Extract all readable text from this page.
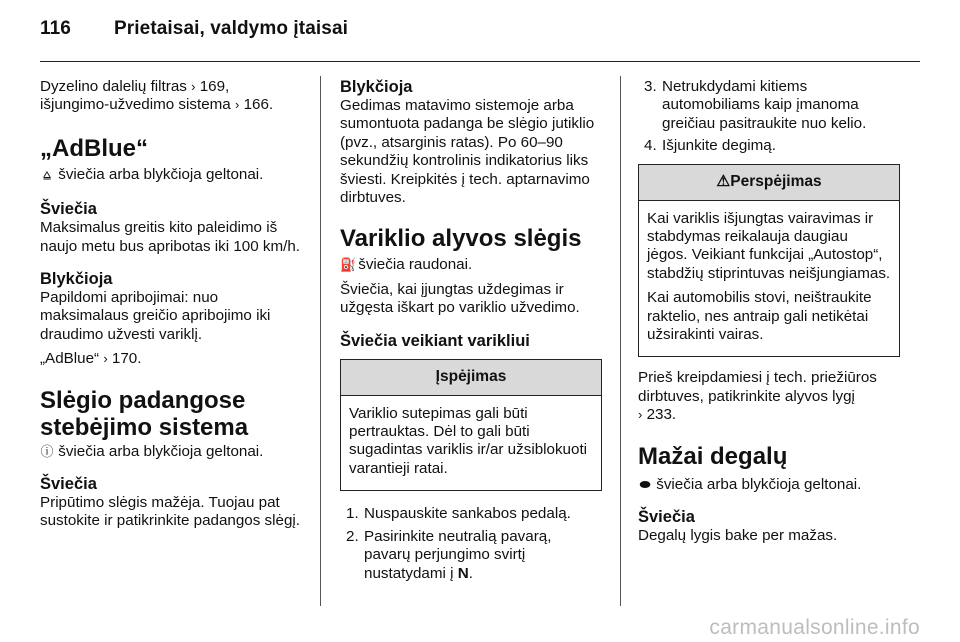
116 Prietaisai, valdymo įtaisai

Dyzelino dalelių filtras › 169,
išjungimo-užvedimo sistema › 166.

„AdBlue“

⩠ šviečia arba blykčioja geltonai.

Šviečia

Maksimalus greitis kito paleidimo iš naujo metu bus apribotas iki 100 km/h.

Blykčioja

Papildomi apribojimai: nuo maksimalaus greičio apribojimo iki draudimo užvesti variklį.

„AdBlue“ › 170.

Slėgio padangose
stebėjimo sistema

ⓘ šviečia arba blykčioja geltonai.

Šviečia

Pripūtimo slėgis mažėja. Tuojau pat sustokite ir patikrinkite padangos slėgį.

Blykčioja

Gedimas matavimo sistemoje arba sumontuota padanga be slėgio jutiklio (pvz., atsarginis ratas). Po 60–90 sekundžių kontrolinis indikatorius liks šviesti. Kreipkitės į tech. aptarnavimo dirbtuves.

Variklio alyvos slėgis

⛽ šviečia raudonai.

Šviečia, kai įjungtas uždegimas ir užgęsta iškart po variklio užvedimo.

Šviečia veikiant varikliui
Įspėjimas

Variklio sutepimas gali būti pertrauktas. Dėl to gali būti sugadintas variklis ir/ar užsiblokuoti varantieji ratai.

1. Nuspauskite sankabos pedalą.
2. Pasirinkite neutralią pavarą, pavarų perjungimo svirtį nustatydami į N.
3. Netrukdydami kitiems automobiliams kaip įmanoma greičiau pasitraukite nuo kelio.
4. Išjunkite degimą.
⚠Perspėjimas

Kai variklis išjungtas vairavimas ir stabdymas reikalauja daugiau jėgos. Veikiant funkcijai „Autostop“, stabdžių stiprintuvas neišjungiamas.

Kai automobilis stovi, neištraukite raktelio, nes antraip gali netikėtai užsirakinti vairas.

Prieš kreipdamiesi į tech. priežiūros dirbtuves, patikrinkite alyvos lygį
› 233.

Mažai degalų

⬬ šviečia arba blykčioja geltonai.

Šviečia

Degalų lygis bake per mažas.

carmanualsonline.info
